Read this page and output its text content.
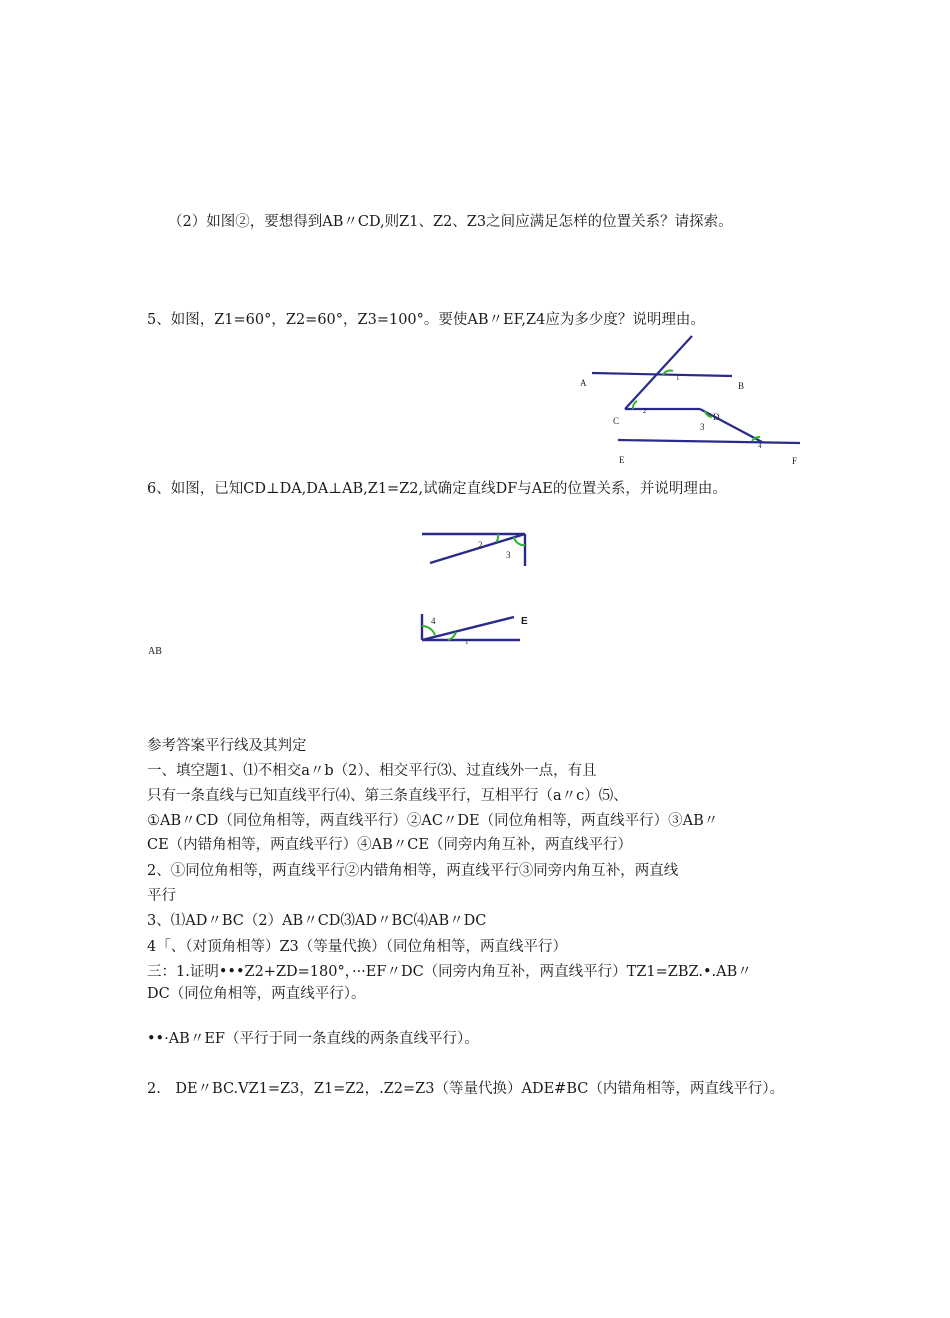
（2）如图②，要想得到AB〃CD,则Z1、Z2、Z3之间应满足怎样的位置关系？请探索。
5、如图，Z1=60°，Z2=60°，Z3=100°。要使AB〃EF,Z4应为多少度？说明理由。
A	B
C	D
E	F
1
2
3
4
6、如图，已知CD⊥DA,DA⊥AB,Z1=Z2,试确定直线DF与AE的位置关系，并说明理由。
2
3
4
1
E
AB
参考答案平行线及其判定
一、填空题1、⑴不相交a〃b（2）、相交平行⑶、过直线外一点，有且
只有一条直线与已知直线平行⑷、第三条直线平行，互相平行（a〃c）⑸、
①AB〃CD（同位角相等，两直线平行）②AC〃DE（同位角相等，两直线平行）③AB〃
CE（内错角相等，两直线平行）④AB〃CE（同旁内角互补，两直线平行）
2、①同位角相等，两直线平行②内错角相等，两直线平行③同旁内角互补，两直线
平行
3、⑴AD〃BC（2）AB〃CD⑶AD〃BC⑷AB〃DC
4「、（对顶角相等）Z3（等量代换）（同位角相等，两直线平行）
三：1.证明•••Z2+ZD=180°，···EF〃DC（同旁内角互补，两直线平行）TZ1=ZBZ.•.AB〃
DC（同位角相等，两直线平行）。
••·AB〃EF（平行于同一条直线的两条直线平行）。
2.　DE〃BC.VZ1=Z3，Z1=Z2，.Z2=Z3（等量代换）ADE#BC（内错角相等，两直线平行）。
